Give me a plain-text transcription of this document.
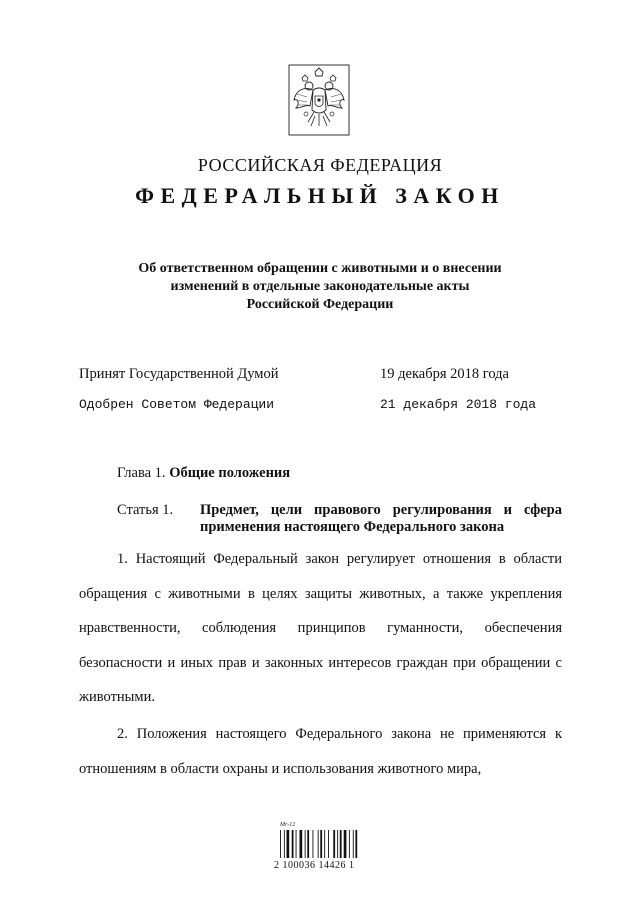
РОССИЙСКАЯ ФЕДЕРАЦИЯ
ФЕДЕРАЛЬНЫЙ ЗАКОН
Об ответственном обращении с животными и о внесении
изменений в отдельные законодательные акты
Российской Федерации
Принят Государственной Думой	19 декабря 2018 года
Одобрен Советом Федерации	21 декабря 2018 года
Глава 1. Общие положения
Статья 1. Предмет, цели правового регулирования и сфера применения настоящего Федерального закона
1. Настоящий Федеральный закон регулирует отношения в области обращения с животными в целях защиты животных, а также укрепления нравственности, соблюдения принципов гуманности, обеспечения безопасности и иных прав и законных интересов граждан при обращении с животными.
2. Положения настоящего Федерального закона не применяются к отношениям в области охраны и использования животного мира,
Mr-12
2 100036 14426 1
